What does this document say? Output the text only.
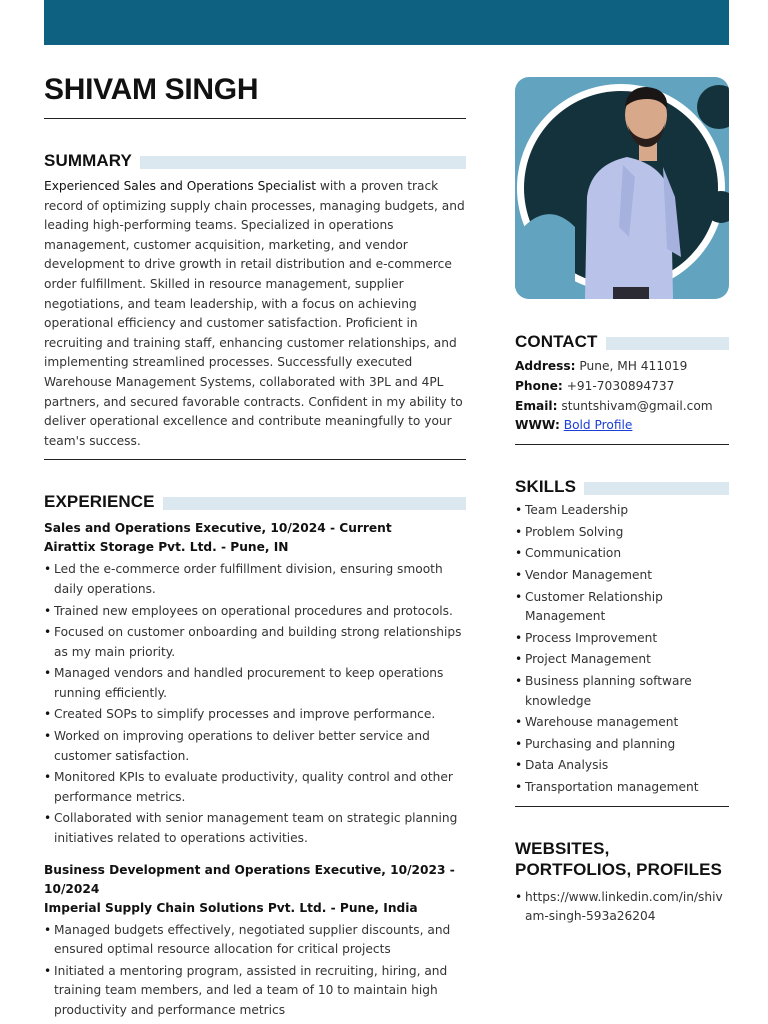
SHIVAM SINGH
SUMMARY

Experienced Sales and Operations Specialist with a proven track record of optimizing supply chain processes, managing budgets, and leading high-performing teams. Specialized in operations management, customer acquisition, marketing, and vendor development to drive growth in retail distribution and e-commerce order fulfillment. Skilled in resource management, supplier negotiations, and team leadership, with a focus on achieving operational efficiency and customer satisfaction. Proficient in recruiting and training staff, enhancing customer relationships, and implementing streamlined processes. Successfully executed Warehouse Management Systems, collaborated with 3PL and 4PL partners, and secured favorable contracts. Confident in my ability to deliver operational excellence and contribute meaningfully to your team's success.

EXPERIENCE
Sales and Operations Executive, 10/2024 - Current
Airattix Storage Pvt. Ltd. - Pune, IN
• Led the e-commerce order fulfillment division, ensuring smooth daily operations.
• Trained new employees on operational procedures and protocols.
• Focused on customer onboarding and building strong relationships as my main priority.
• Managed vendors and handled procurement to keep operations running efficiently.
• Created SOPs to simplify processes and improve performance.
• Worked on improving operations to deliver better service and customer satisfaction.
• Monitored KPIs to evaluate productivity, quality control and other performance metrics.
• Collaborated with senior management team on strategic planning initiatives related to operations activities.
Business Development and Operations Executive, 10/2023 - 10/2024
Imperial Supply Chain Solutions Pvt. Ltd. - Pune, India
• Managed budgets effectively, negotiated supplier discounts, and ensured optimal resource allocation for critical projects
• Initiated a mentoring program, assisted in recruiting, hiring, and training team members, and led a team of 10 to maintain high productivity and performance metrics
CONTACT
Address: Pune, MH 411019
Phone: +91-7030894737
Email: stuntshivam@gmail.com
WWW: Bold Profile
SKILLS
• Team Leadership
• Problem Solving
• Communication
• Vendor Management
• Customer Relationship Management
• Process Improvement
• Project Management
• Business planning software knowledge
• Warehouse management
• Purchasing and planning
• Data Analysis
• Transportation management
WEBSITES, PORTFOLIOS, PROFILES
• https://www.linkedin.com/in/shivam-singh-593a26204
